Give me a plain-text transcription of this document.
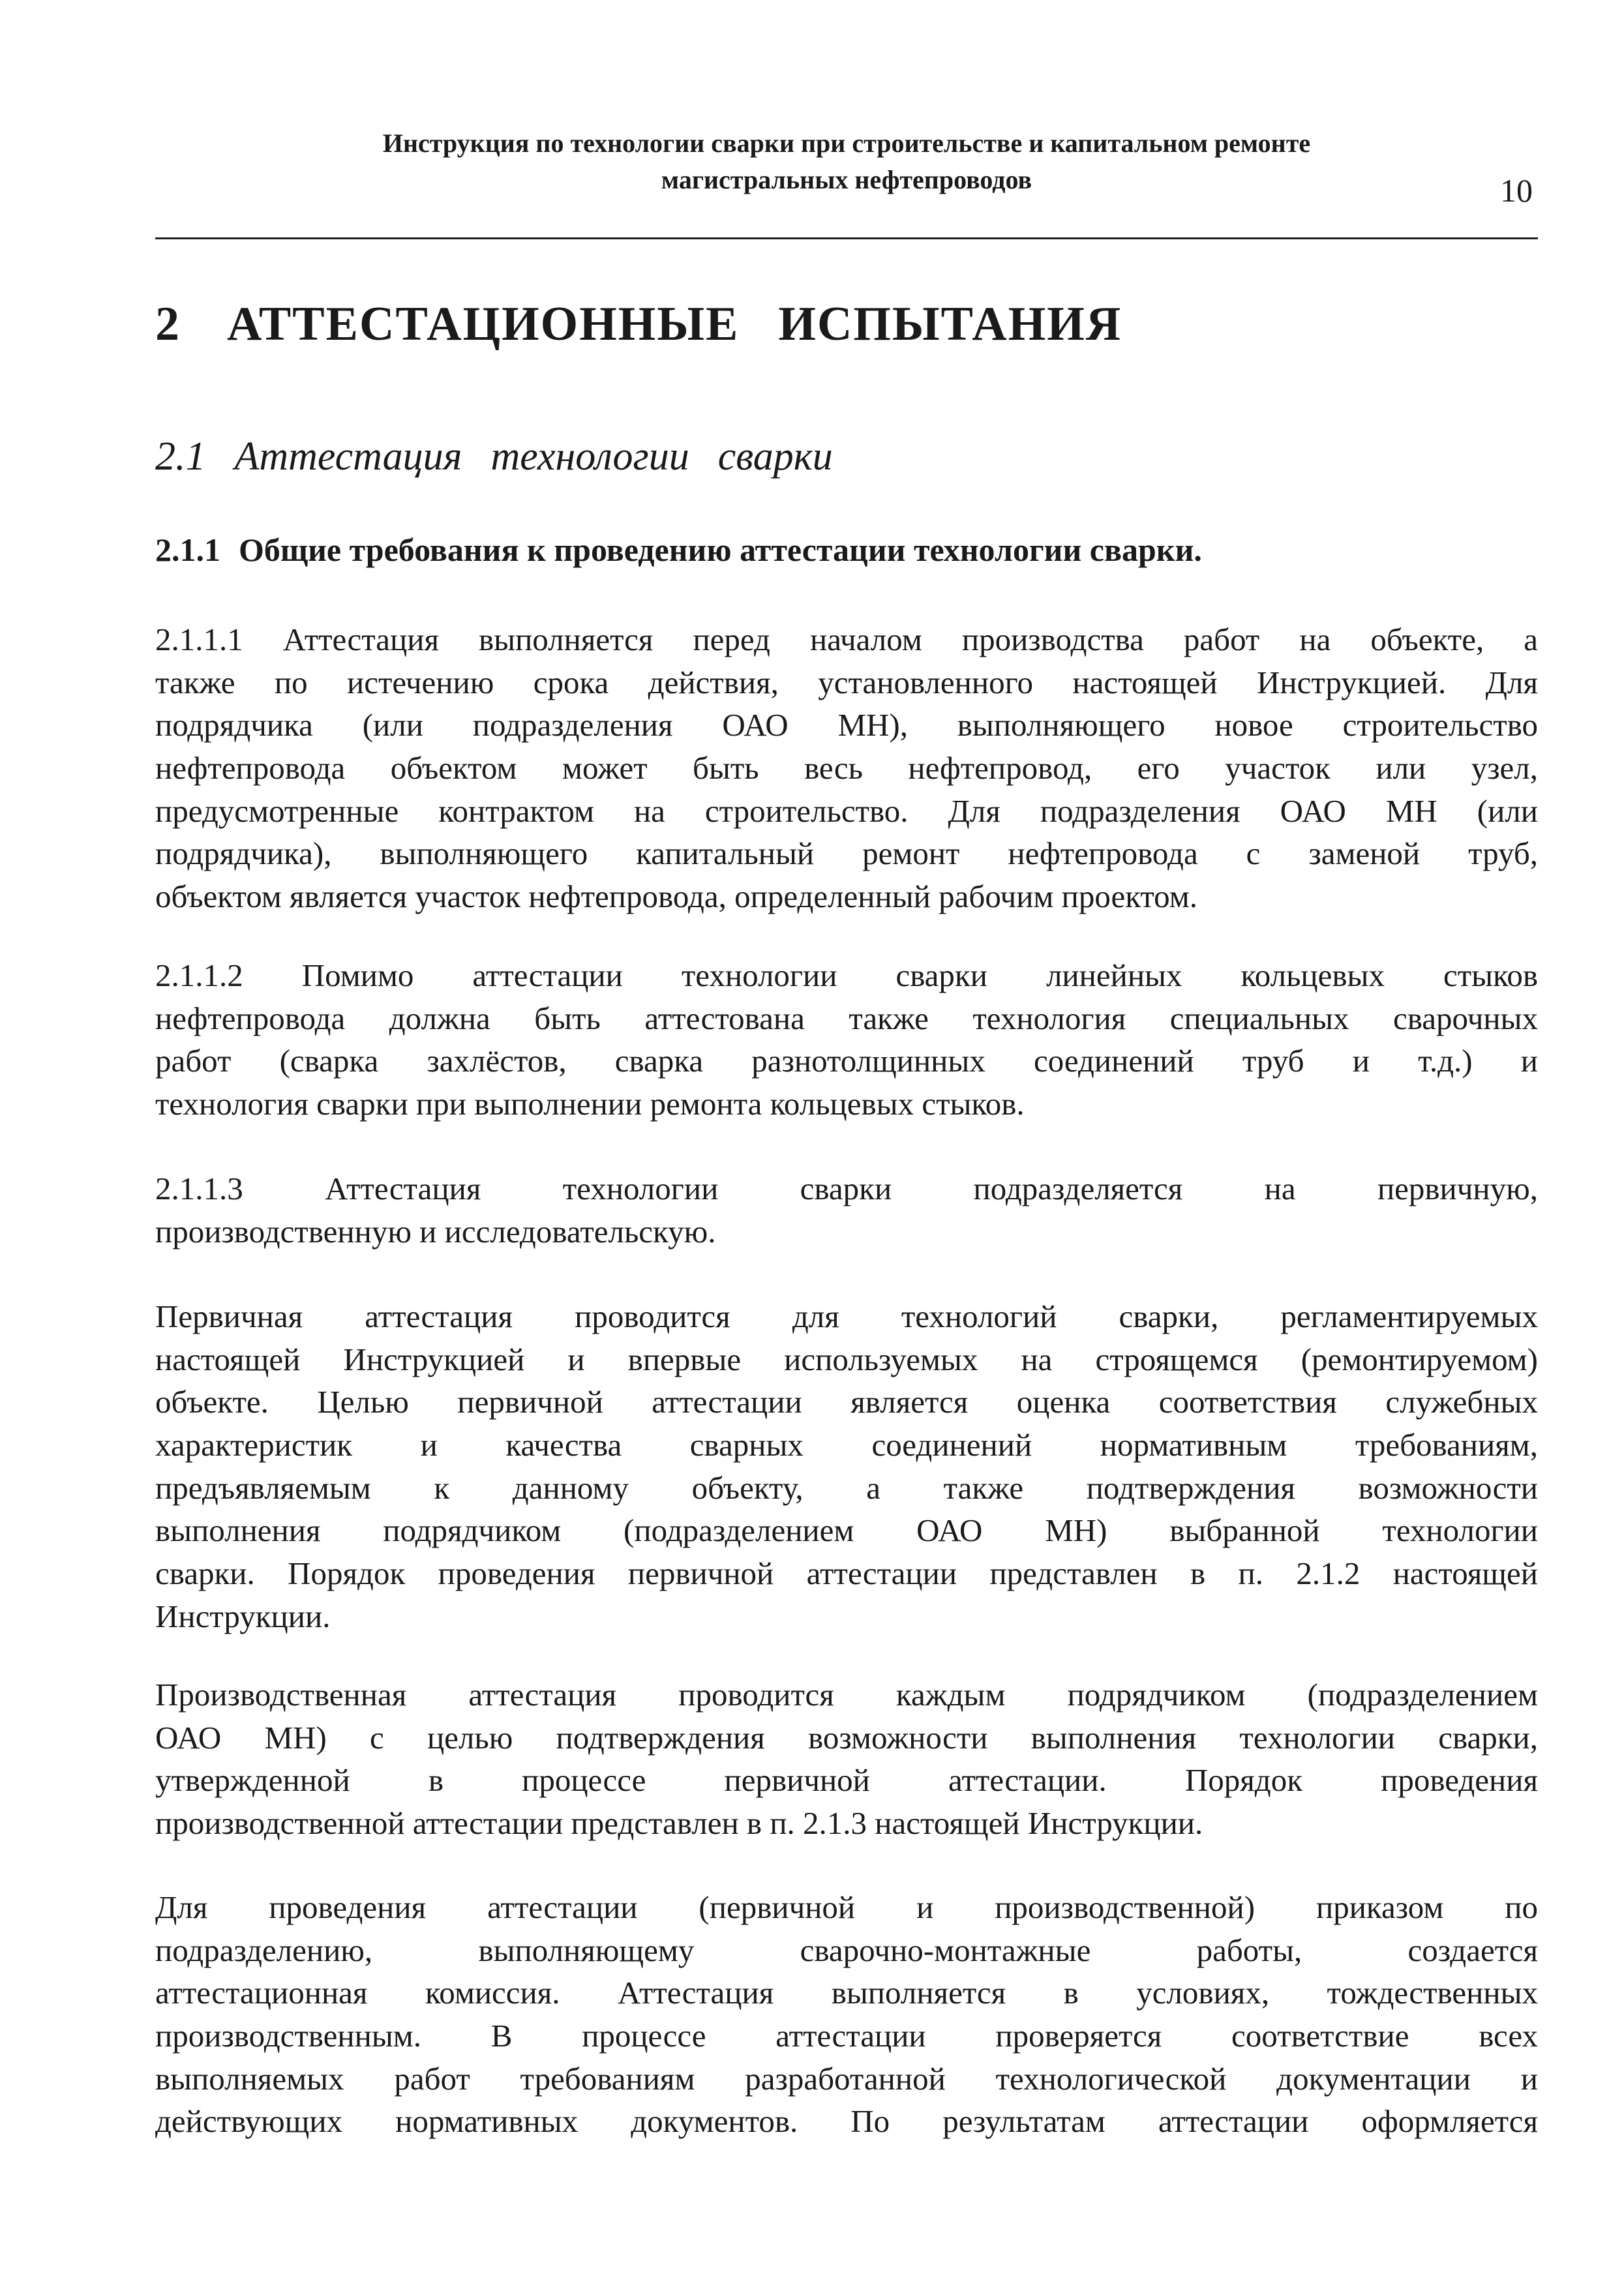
Инструкция по технологии сварки при строительстве и капитальном ремонте
магистральных нефтепроводов	10
2 АТТЕСТАЦИОННЫЕ ИСПЫТАНИЯ
2.1 Аттестация технологии сварки
2.1.1 Общие требования к проведению аттестации технологии сварки.
2.1.1.1 Аттестация выполняется перед началом производства работ на объекте, а
также по истечению срока действия, установленного настоящей Инструкцией. Для
подрядчика (или подразделения ОАО МН), выполняющего новое строительство
нефтепровода объектом может быть весь нефтепровод, его участок или узел,
предусмотренные контрактом на строительство. Для подразделения ОАО МН (или
подрядчика), выполняющего капитальный ремонт нефтепровода с заменой труб,
объектом является участок нефтепровода, определенный рабочим проектом.
2.1.1.2 Помимо аттестации технологии сварки линейных кольцевых стыков
нефтепровода должна быть аттестована также технология специальных сварочных
работ (сварка захлёстов, сварка разнотолщинных соединений труб и т.д.) и
технология сварки при выполнении ремонта кольцевых стыков.
2.1.1.3 Аттестация технологии сварки подразделяется на первичную,
производственную и исследовательскую.
Первичная аттестация проводится для технологий сварки, регламентируемых
настоящей Инструкцией и впервые используемых на строящемся (ремонтируемом)
объекте. Целью первичной аттестации является оценка соответствия служебных
характеристик и качества сварных соединений нормативным требованиям,
предъявляемым к данному объекту, а также подтверждения возможности
выполнения подрядчиком (подразделением ОАО МН) выбранной технологии
сварки. Порядок проведения первичной аттестации представлен в п. 2.1.2 настоящей
Инструкции.
Производственная аттестация проводится каждым подрядчиком (подразделением
ОАО МН) с целью подтверждения возможности выполнения технологии сварки,
утвержденной в процессе первичной аттестации. Порядок проведения
производственной аттестации представлен в п. 2.1.3 настоящей Инструкции.
Для проведения аттестации (первичной и производственной) приказом по
подразделению, выполняющему сварочно-монтажные работы, создается
аттестационная комиссия. Аттестация выполняется в условиях, тождественных
производственным. В процессе аттестации проверяется соответствие всех
выполняемых работ требованиям разработанной технологической документации и
действующих нормативных документов. По результатам аттестации оформляется
